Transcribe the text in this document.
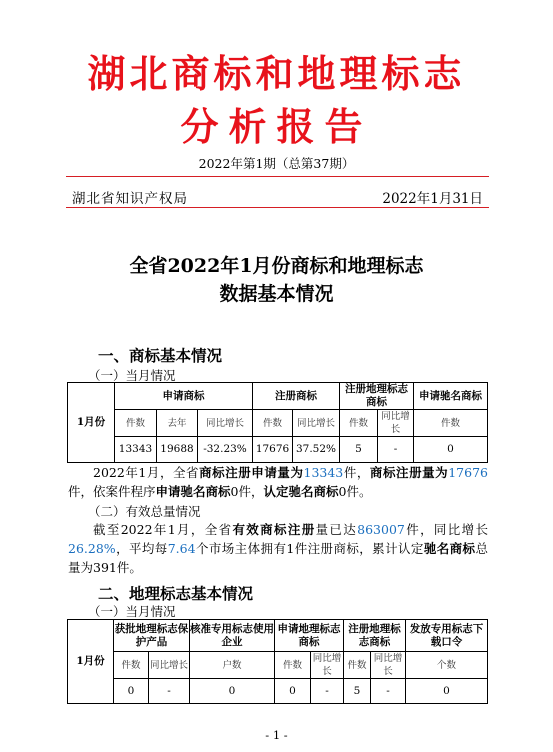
湖北商标和地理标志
分析报告
2022年第1期（总第37期）
湖北省知识产权局	2022年1月31日
全省2022年1月份商标和地理标志
数据基本情况
一、商标基本情况
（一）当月情况
1月份	申请商标			注册商标		注册地理标志商标		申请驰名商标
	件数	去年	同比增长	件数	同比增长	件数	同比增长	件数
	13343	19688	-32.23%	17676	37.52%	5	-	0
2022年1月，全省商标注册申请量为13343件，商标注册量为17676件，依案件程序申请驰名商标0件，认定驰名商标0件。
（二）有效总量情况
截至2022年1月，全省有效商标注册量已达863007件，同比增长26.28%，平均每7.64个市场主体拥有1件注册商标，累计认定驰名商标总量为391件。
二、地理标志基本情况
（一）当月情况
1月份	获批地理标志保护产品		核准专用标志使用企业	申请地理标志商标		注册地理标志商标		发放专用标志下载口令
	件数	同比增长	户数	件数	同比增长	件数	同比增长	个数
	0	-	0	0	-	5	-	0
- 1 -
